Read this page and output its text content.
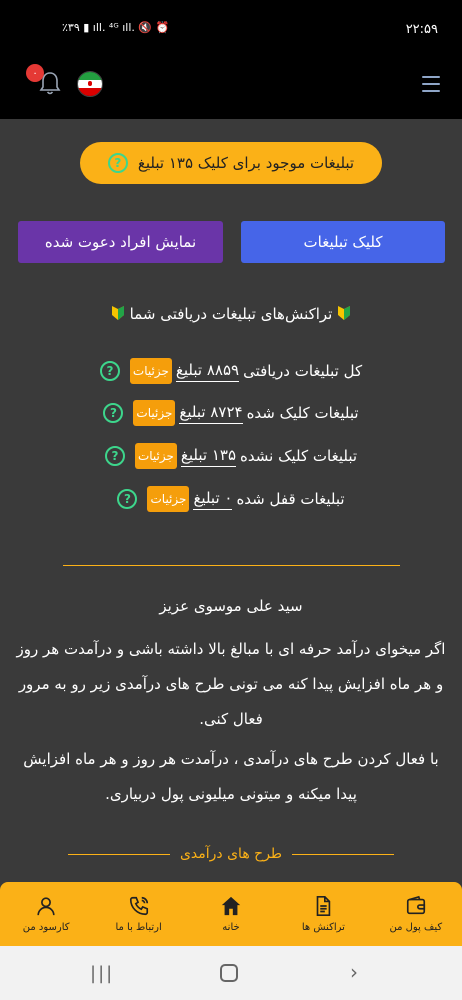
٪۳۹ ▮ ıll. ⁴ᴳ ıll. 🔇 ⏰	۲۲:۵۹
۰
تبلیغات موجود برای کلیک ۱۳۵ تبلیغ
?
کلیک تبلیغات
نمایش افراد دعوت شده
تراکنش‌های تبلیغات دریافتی شما
کل تبلیغات دریافتی
۸۸۵۹ تبلیغ
جزئیات
?
تبلیغات کلیک شده
۸۷۲۴ تبلیغ
جزئیات
?
تبلیغات کلیک نشده
۱۳۵ تبلیغ
جزئیات
?
تبلیغات قفل شده
۰ تبلیغ
جزئیات
?
سید علی موسوی عزیز
اگر میخوای درآمد حرفه ای با مبالغ بالا داشته باشی و درآمدت هر روز و هر ماه افزایش پیدا کنه می تونی طرح های درآمدی زیر رو به مرور فعال کنی.
با فعال کردن طرح های درآمدی ، درآمدت هر روز و هر ماه افزایش پیدا میکنه و میتونی میلیونی پول دربیاری.
طرح های درآمدی
کیف پول من
تراکنش ها
خانه
ارتباط با ما
کارسود من
|||	›
